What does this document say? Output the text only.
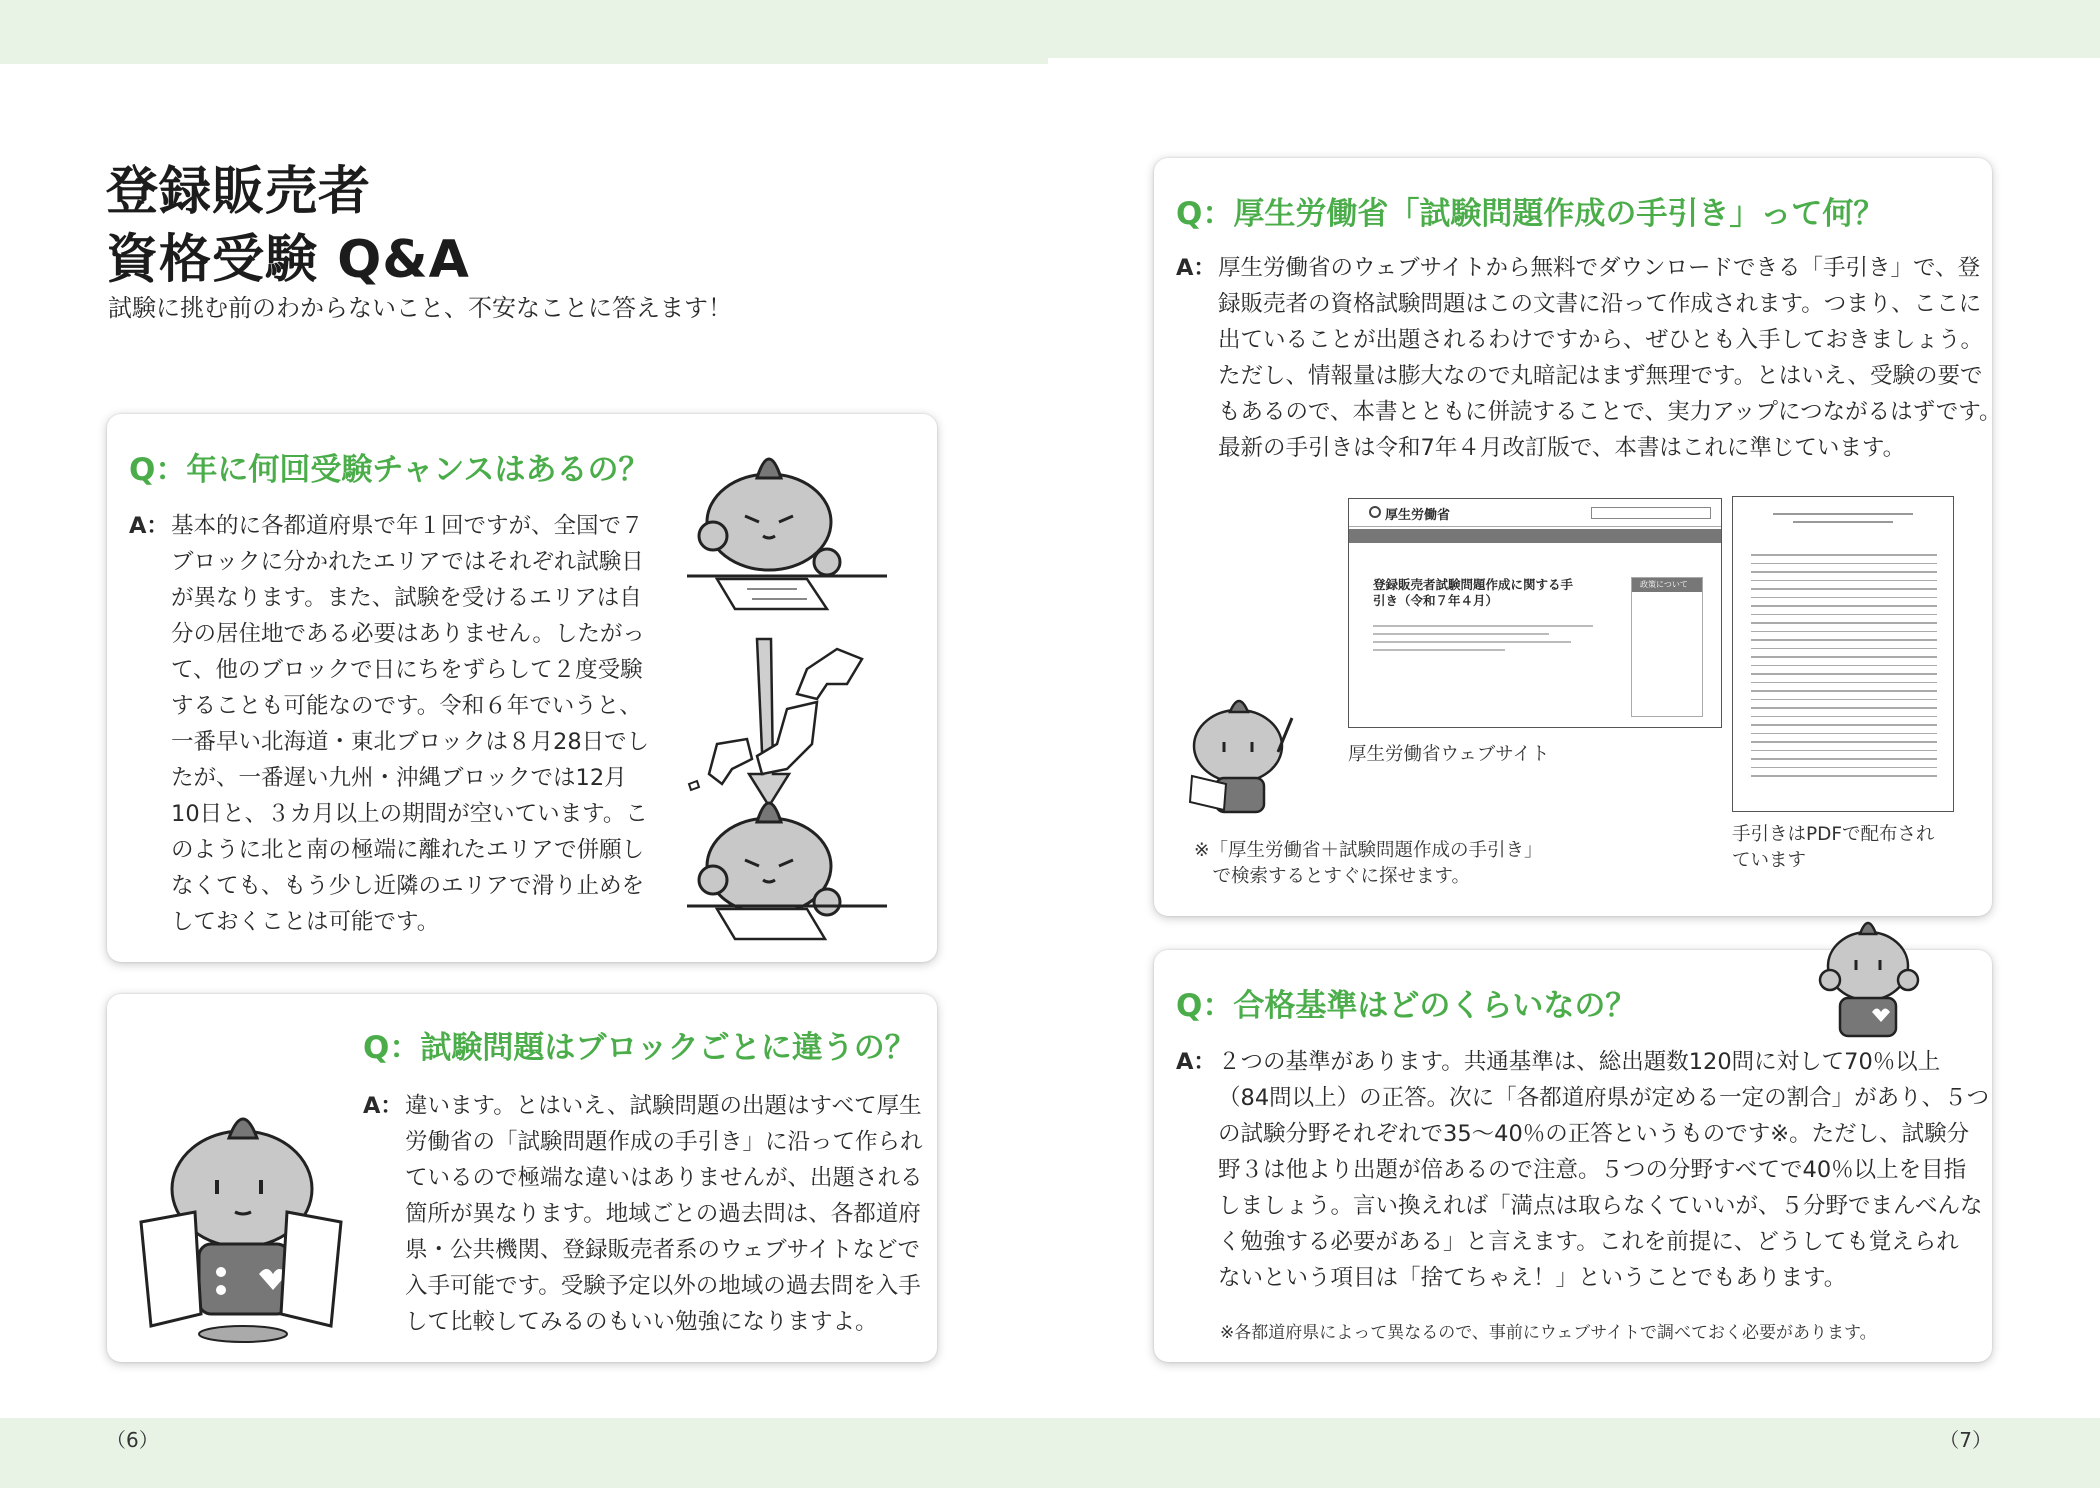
登録販売者
資格受験 Q&A
試験に挑む前のわからないこと、不安なことに答えます！
Q：年に何回受験チャンスはあるの？
A： 基本的に各都道府県で年１回ですが、全国で７
ブロックに分かれたエリアではそれぞれ試験日
が異なります。また、試験を受けるエリアは自
分の居住地である必要はありません。したがっ
て、他のブロックで日にちをずらして２度受験
することも可能なのです。令和６年でいうと、
一番早い北海道・東北ブロックは８月28日でし
たが、一番遅い九州・沖縄ブロックでは12月
10日と、３カ月以上の期間が空いています。こ
のように北と南の極端に離れたエリアで併願し
なくても、もう少し近隣のエリアで滑り止めを
しておくことは可能です。
Q：試験問題はブロックごとに違うの？
A： 違います。とはいえ、試験問題の出題はすべて厚生
労働省の「試験問題作成の手引き」に沿って作られ
ているので極端な違いはありませんが、出題される
箇所が異なります。地域ごとの過去問は、各都道府
県・公共機関、登録販売者系のウェブサイトなどで
入手可能です。受験予定以外の地域の過去問を入手
して比較してみるのもいい勉強になりますよ。
Q：厚生労働省「試験問題作成の手引き」って何？
A： 厚生労働省のウェブサイトから無料でダウンロードできる「手引き」で、登
録販売者の資格試験問題はこの文書に沿って作成されます。つまり、ここに
出ていることが出題されるわけですから、ぜひとも入手しておきましょう。
ただし、情報量は膨大なので丸暗記はまず無理です。とはいえ、受験の要で
もあるので、本書とともに併読することで、実力アップにつながるはずです。
最新の手引きは令和7年４月改訂版で、本書はこれに準じています。
厚生労働省
登録販売者試験問題作成に関する手
引き（令和７年４月）
政策について
厚生労働省ウェブサイト
手引きはPDFで配布され
ています
※「厚生労働省＋試験問題作成の手引き」
　で検索するとすぐに探せます。
Q：合格基準はどのくらいなの？
A： ２つの基準があります。共通基準は、総出題数120問に対して70％以上
（84問以上）の正答。次に「各都道府県が定める一定の割合」があり、５つ
の試験分野それぞれで35〜40％の正答というものです※。ただし、試験分
野３は他より出題が倍あるので注意。５つの分野すべてで40％以上を目指
しましょう。言い換えれば「満点は取らなくていいが、５分野でまんべんな
く勉強する必要がある」と言えます。これを前提に、どうしても覚えられ
ないという項目は「捨てちゃえ！」ということでもあります。
※各都道府県によって異なるので、事前にウェブサイトで調べておく必要があります。
（6）	（7）
